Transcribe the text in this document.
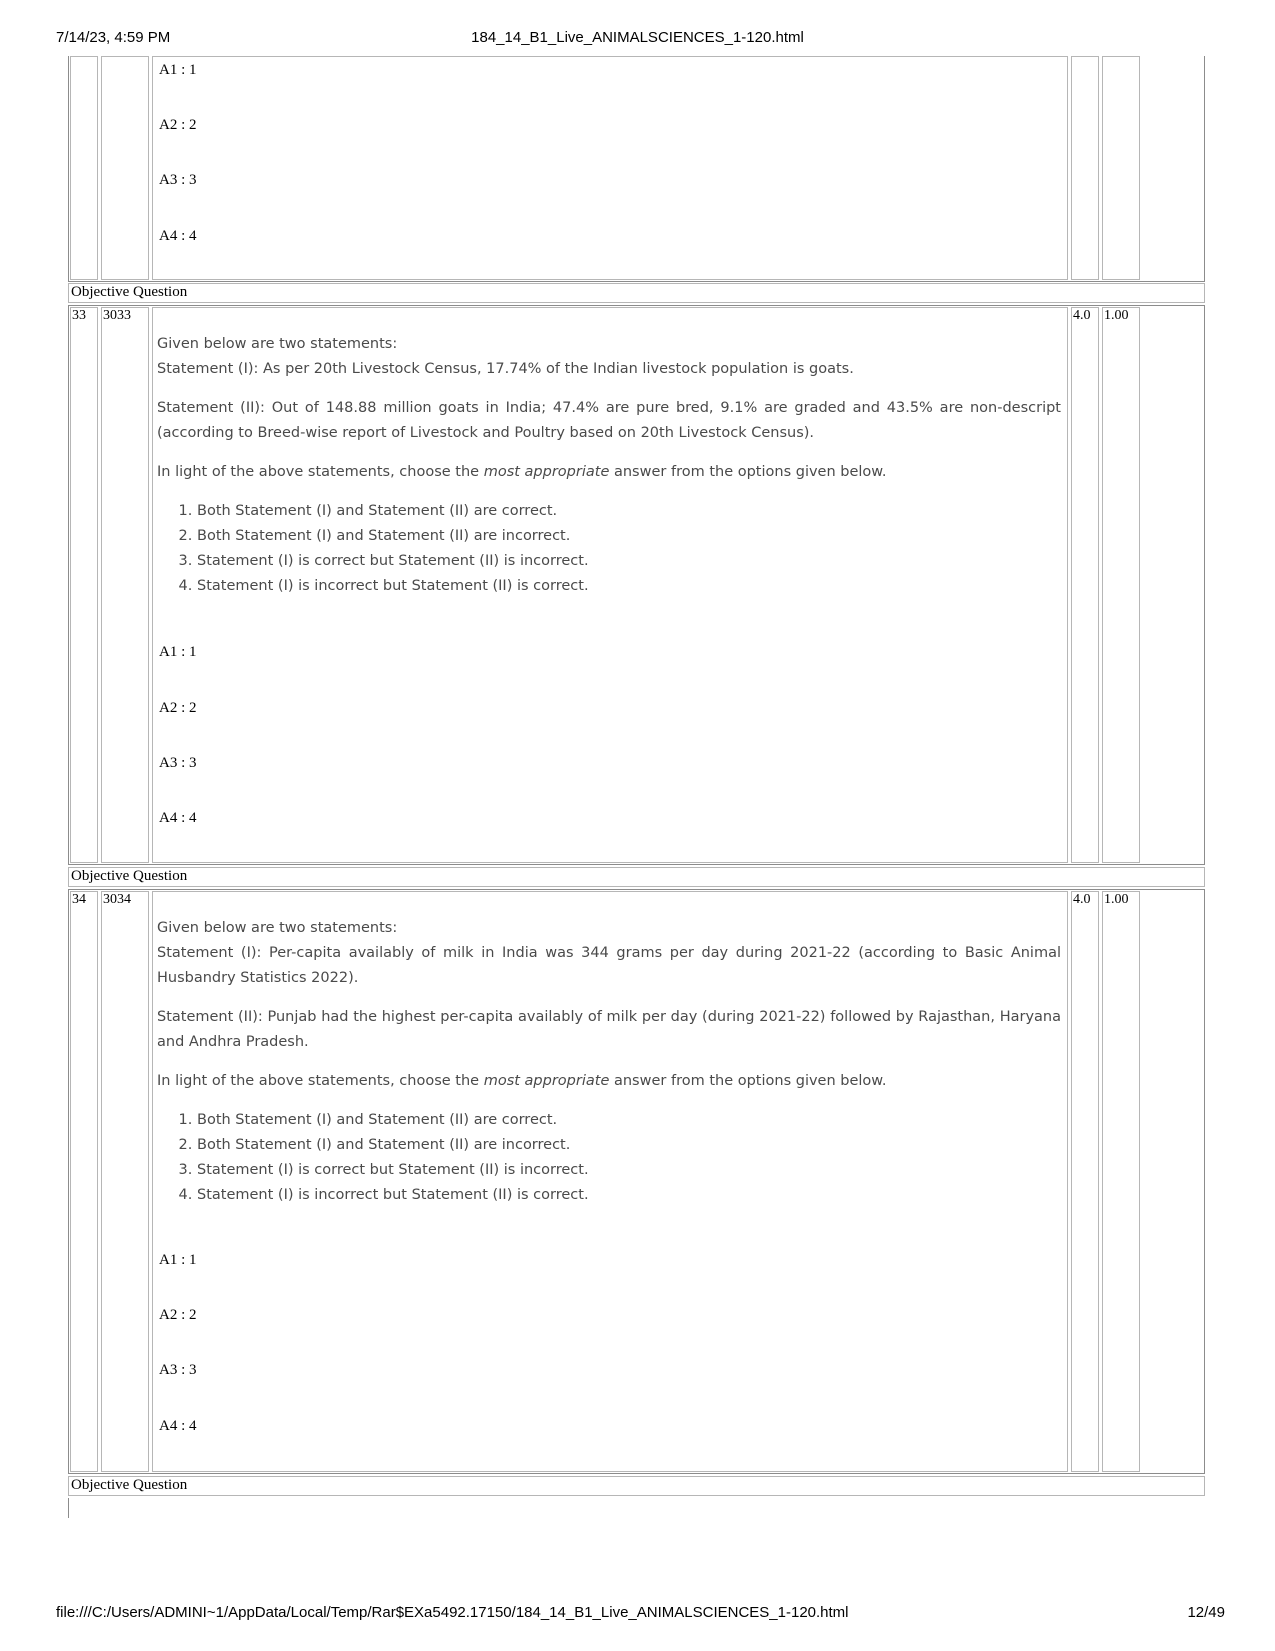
7/14/23, 4:59 PM	184_14_B1_Live_ANIMALSCIENCES_1-120.html
A1 : 1
A2 : 2
A3 : 3
A4 : 4
Objective Question
33 3033

Given below are two statements:
Statement (I): As per 20th Livestock Census, 17.74% of the Indian livestock population is goats.

Statement (II): Out of 148.88 million goats in India; 47.4% are pure bred, 9.1% are graded and 43.5% are non-descript (according to Breed-wise report of Livestock and Poultry based on 20th Livestock Census).

In light of the above statements, choose the most appropriate answer from the options given below.

1. Both Statement (I) and Statement (II) are correct.
2. Both Statement (I) and Statement (II) are incorrect.
3. Statement (I) is correct but Statement (II) is incorrect.
4. Statement (I) is incorrect but Statement (II) is correct.
A1 : 1
A2 : 2
A3 : 3
A4 : 4
4.0 1.00
Objective Question
34 3034

Given below are two statements:
Statement (I): Per-capita availably of milk in India was 344 grams per day during 2021-22 (according to Basic Animal Husbandry Statistics 2022).

Statement (II): Punjab had the highest per-capita availably of milk per day (during 2021-22) followed by Rajasthan, Haryana and Andhra Pradesh.

In light of the above statements, choose the most appropriate answer from the options given below.

1. Both Statement (I) and Statement (II) are correct.
2. Both Statement (I) and Statement (II) are incorrect.
3. Statement (I) is correct but Statement (II) is incorrect.
4. Statement (I) is incorrect but Statement (II) is correct.
A1 : 1
A2 : 2
A3 : 3
A4 : 4
4.0 1.00
Objective Question
file:///C:/Users/ADMINI~1/AppData/Local/Temp/Rar$EXa5492.17150/184_14_B1_Live_ANIMALSCIENCES_1-120.html	12/49
